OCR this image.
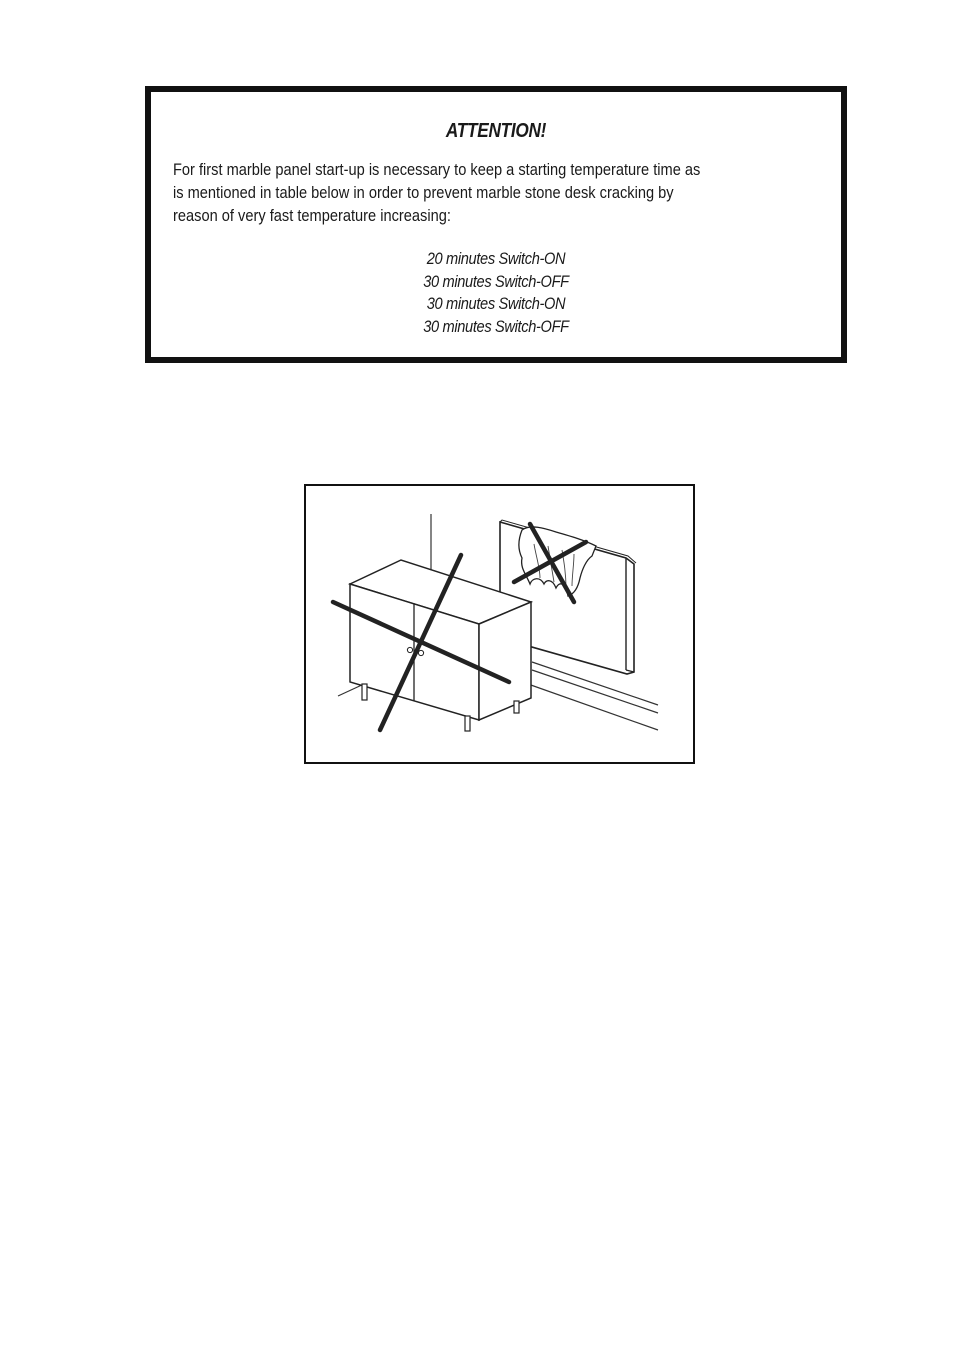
ATTENTION!
For first marble panel start-up is necessary to keep a starting temperature time as
is mentioned in table below in order to prevent marble stone desk cracking by
reason of very fast temperature increasing:
20 minutes Switch-ON
30 minutes Switch-OFF
30 minutes Switch-ON
30 minutes Switch-OFF
